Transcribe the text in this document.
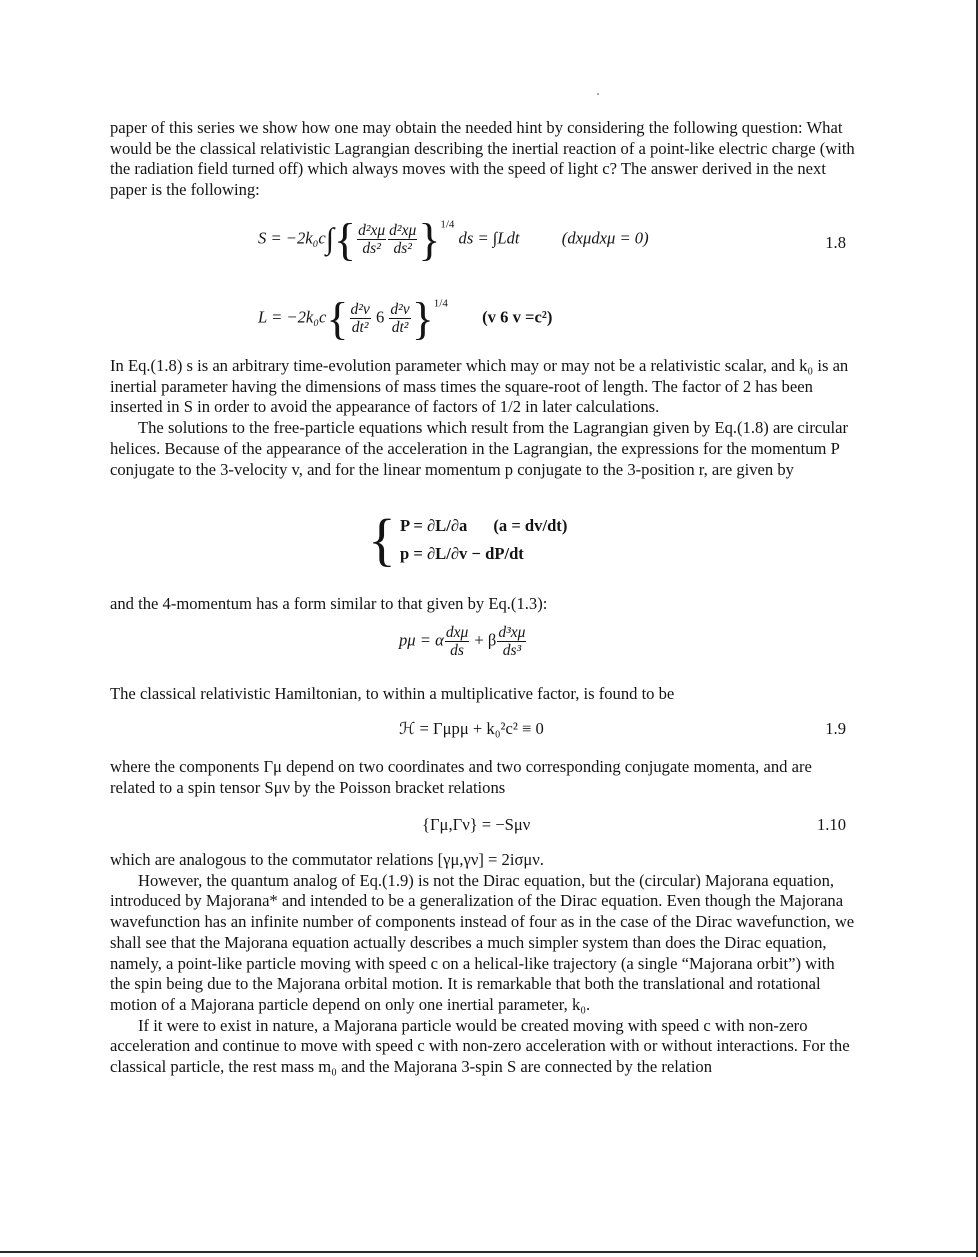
paper of this series we show how one may obtain the needed hint by considering the following question: What would be the classical relativistic Lagrangian describing the inertial reaction of a point-like electric charge (with the radiation field turned off) which always moves with the speed of light c? The answer derived in the next paper is the following:

$S = -2k_0c\int\{ \frac{\text{d²xμ}}{\text{ds²}} \frac{\text{d²xμ}}{\text{ds²}} \}^{1/4}$ ds = ∫Ldt	(dxμdxμ = 0)	1.8
$L = -2k_0c\{ \frac{\text{d²v}}{\text{dt²}} 6 \frac{\text{d²v}}{\text{dt²}} \}^{1/4}$  (v 6 v =c²)

In Eq.(1.8) s is an arbitrary time-evolution parameter which may or may not be a relativistic scalar, and k₀ is an inertial parameter having the dimensions of mass times the square-root of length. The factor of 2 has been inserted in S in order to avoid the appearance of factors of 1/2 in later calculations.

The solutions to the free-particle equations which result from the Lagrangian given by Eq.(1.8) are circular helices. Because of the appearance of the acceleration in the Lagrangian, the expressions for the momentum P conjugate to the 3-velocity v, and for the linear momentum p conjugate to the 3-position r, are given by

{ P = ∂L/∂a (a = dv/dt)
p = ∂L/∂v − dP/dt

and the 4-momentum has a form similar to that given by Eq.(1.3):

pμ = α $\frac{\text{dxμ}}{ds} + \beta \frac{\text{d³xμ}}{\text{ds³}}$

The classical relativistic Hamiltonian, to within a multiplicative factor, is found to be

ℋ = Γμpμ + k₀²c² ≡ 0	1.9

where the components Γμ depend on two coordinates and two corresponding conjugate momenta, and are related to a spin tensor Sμν by the Poisson bracket relations

{Γμ,Γν} = −Sμν	1.10

which are analogous to the commutator relations [γμ,γν] = 2iσμν.

However, the quantum analog of Eq.(1.9) is not the Dirac equation, but the (circular) Majorana equation, introduced by Majorana* and intended to be a generalization of the Dirac equation. Even though the Majorana wavefunction has an infinite number of components instead of four as in the case of the Dirac wavefunction, we shall see that the Majorana equation actually describes a much simpler system than does the Dirac equation, namely, a point-like particle moving with speed c on a helical-like trajectory (a single “Majorana orbit”) with the spin being due to the Majorana orbital motion. It is remarkable that both the translational and rotational motion of a Majorana particle depend on only one inertial parameter, k₀.

If it were to exist in nature, a Majorana particle would be created moving with speed c with non-zero acceleration and continue to move with speed c with non-zero acceleration with or without interactions. For the classical particle, the rest mass m₀ and the Majorana 3-spin S are connected by the relation
